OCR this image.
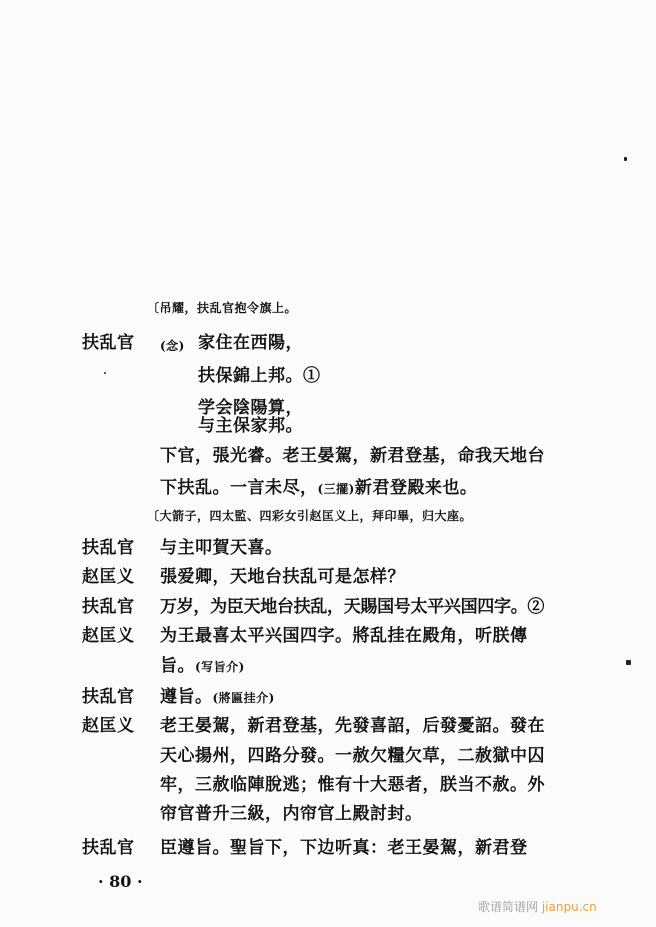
〔吊耀，扶乱官抱令旗上。
扶乱官 (念) 家住在西陽，
扶保錦上邦。①
学会陰陽算，
与主保家邦。
下官，張光睿。老王晏駕，新君登基，命我天地台
下扶乱。一言未尽，(三擺)新君登殿来也。
〔大箭子，四太監、四彩女引赵匡义上，拜印畢，归大座。
扶乱官 与主叩賀天喜。
赵匡义 張爱卿，天地台扶乱可是怎样？
扶乱官 万岁，为臣天地台扶乱，天賜国号太平兴国四字。②
赵匡义 为王最喜太平兴国四字。將乱挂在殿角，听朕傳
旨。(写旨介)
扶乱官 遵旨。(將匾挂介)
赵匡义 老王晏駕，新君登基，先發喜詔，后發憂詔。發在
天心揚州，四路分發。一赦欠糧欠草，二赦獄中囚
牢，三赦临陣脫逃；惟有十大惡者，朕当不赦。外
帘官普升三級，内帘官上殿討封。
扶乱官 臣遵旨。聖旨下，下边听真：老王晏駕，新君登
· 80 ·
歌谱简谱网 jianpu.cn
